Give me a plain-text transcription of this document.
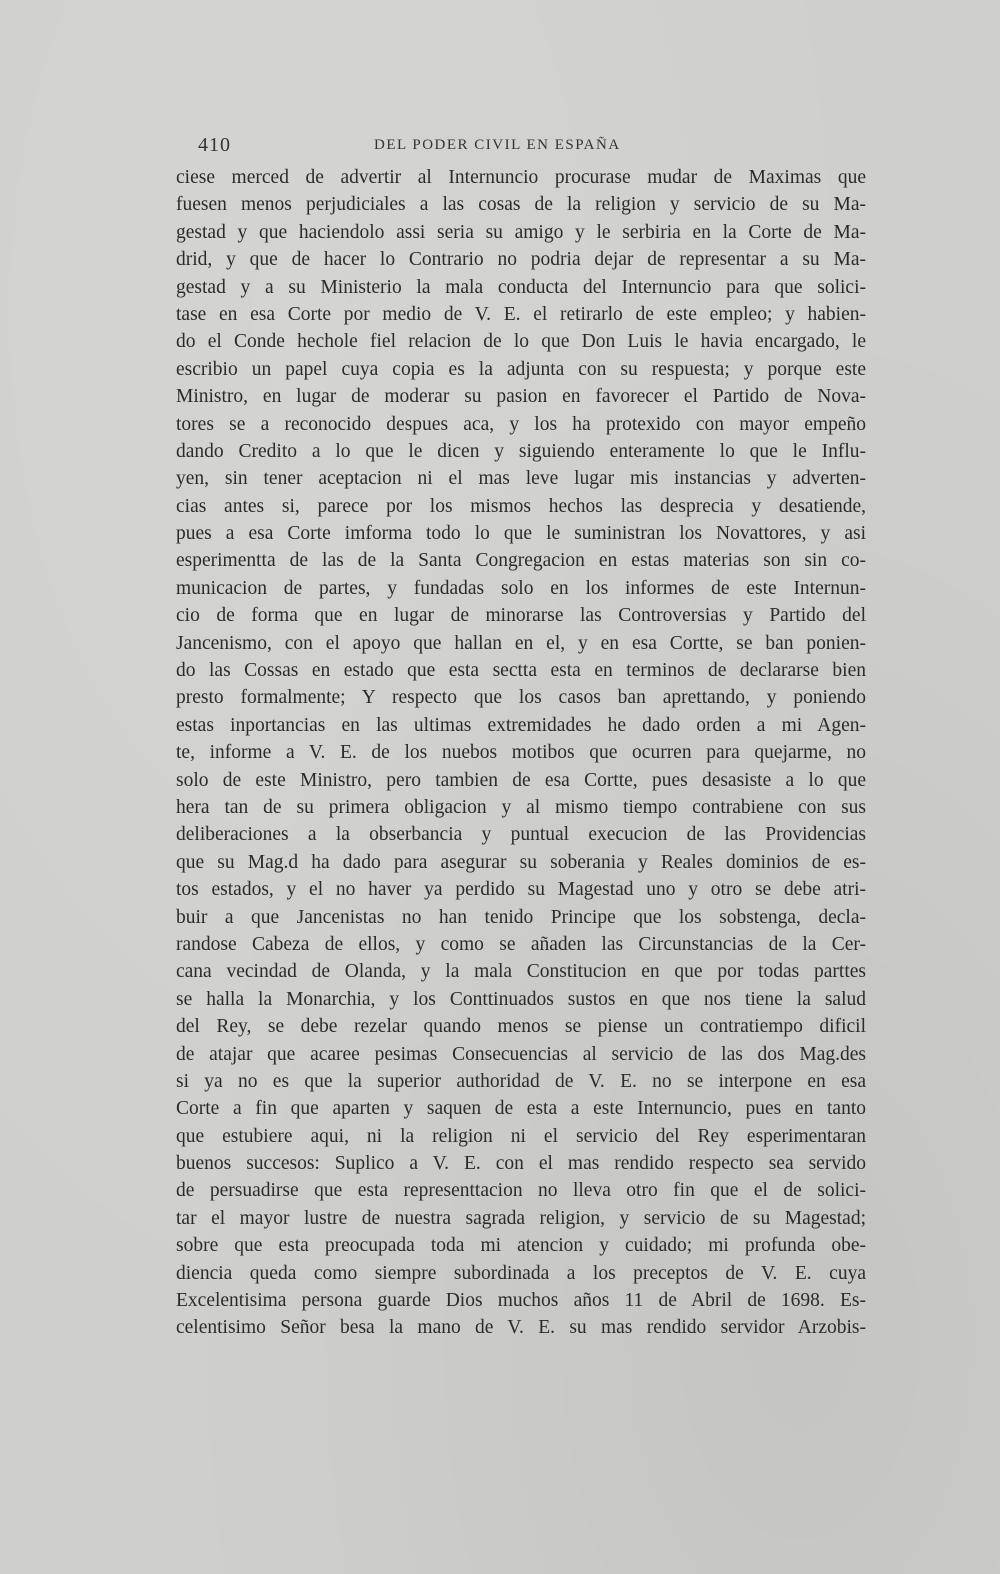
410	DEL PODER CIVIL EN ESPAÑA
ciese merced de advertir al Internuncio procurase mudar de Maximas que
fuesen menos perjudiciales a las cosas de la religion y servicio de su Ma-
gestad y que haciendolo assi seria su amigo y le serbiria en la Corte de Ma-
drid, y que de hacer lo Contrario no podria dejar de representar a su Ma-
gestad y a su Ministerio la mala conducta del Internuncio para que solici-
tase en esa Corte por medio de V. E. el retirarlo de este empleo; y habien-
do el Conde hechole fiel relacion de lo que Don Luis le havia encargado, le
escribio un papel cuya copia es la adjunta con su respuesta; y porque este
Ministro, en lugar de moderar su pasion en favorecer el Partido de Nova-
tores se a reconocido despues aca, y los ha protexido con mayor empeño
dando Credito a lo que le dicen y siguiendo enteramente lo que le Influ-
yen, sin tener aceptacion ni el mas leve lugar mis instancias y adverten-
cias antes si, parece por los mismos hechos las desprecia y desatiende,
pues a esa Corte imforma todo lo que le suministran los Novattores, y asi
esperimentta de las de la Santa Congregacion en estas materias son sin co-
municacion de partes, y fundadas solo en los informes de este Internun-
cio de forma que en lugar de minorarse las Controversias y Partido del
Jancenismo, con el apoyo que hallan en el, y en esa Cortte, se ban ponien-
do las Cossas en estado que esta sectta esta en terminos de declararse bien
presto formalmente; Y respecto que los casos ban aprettando, y poniendo
estas inportancias en las ultimas extremidades he dado orden a mi Agen-
te, informe a V. E. de los nuebos motibos que ocurren para quejarme, no
solo de este Ministro, pero tambien de esa Cortte, pues desasiste a lo que
hera tan de su primera obligacion y al mismo tiempo contrabiene con sus
deliberaciones a la obserbancia y puntual execucion de las Providencias
que su Mag.d ha dado para asegurar su soberania y Reales dominios de es-
tos estados, y el no haver ya perdido su Magestad uno y otro se debe atri-
buir a que Jancenistas no han tenido Principe que los sobstenga, decla-
randose Cabeza de ellos, y como se añaden las Circunstancias de la Cer-
cana vecindad de Olanda, y la mala Constitucion en que por todas parttes
se halla la Monarchia, y los Conttinuados sustos en que nos tiene la salud
del Rey, se debe rezelar quando menos se piense un contratiempo dificil
de atajar que acaree pesimas Consecuencias al servicio de las dos Mag.des
si ya no es que la superior authoridad de V. E. no se interpone en esa
Corte a fin que aparten y saquen de esta a este Internuncio, pues en tanto
que estubiere aqui, ni la religion ni el servicio del Rey esperimentaran
buenos succesos: Suplico a V. E. con el mas rendido respecto sea servido
de persuadirse que esta representtacion no lleva otro fin que el de solici-
tar el mayor lustre de nuestra sagrada religion, y servicio de su Magestad;
sobre que esta preocupada toda mi atencion y cuidado; mi profunda obe-
diencia queda como siempre subordinada a los preceptos de V. E. cuya
Excelentisima persona guarde Dios muchos años 11 de Abril de 1698. Es-
celentisimo Señor besa la mano de V. E. su mas rendido servidor Arzobis-
